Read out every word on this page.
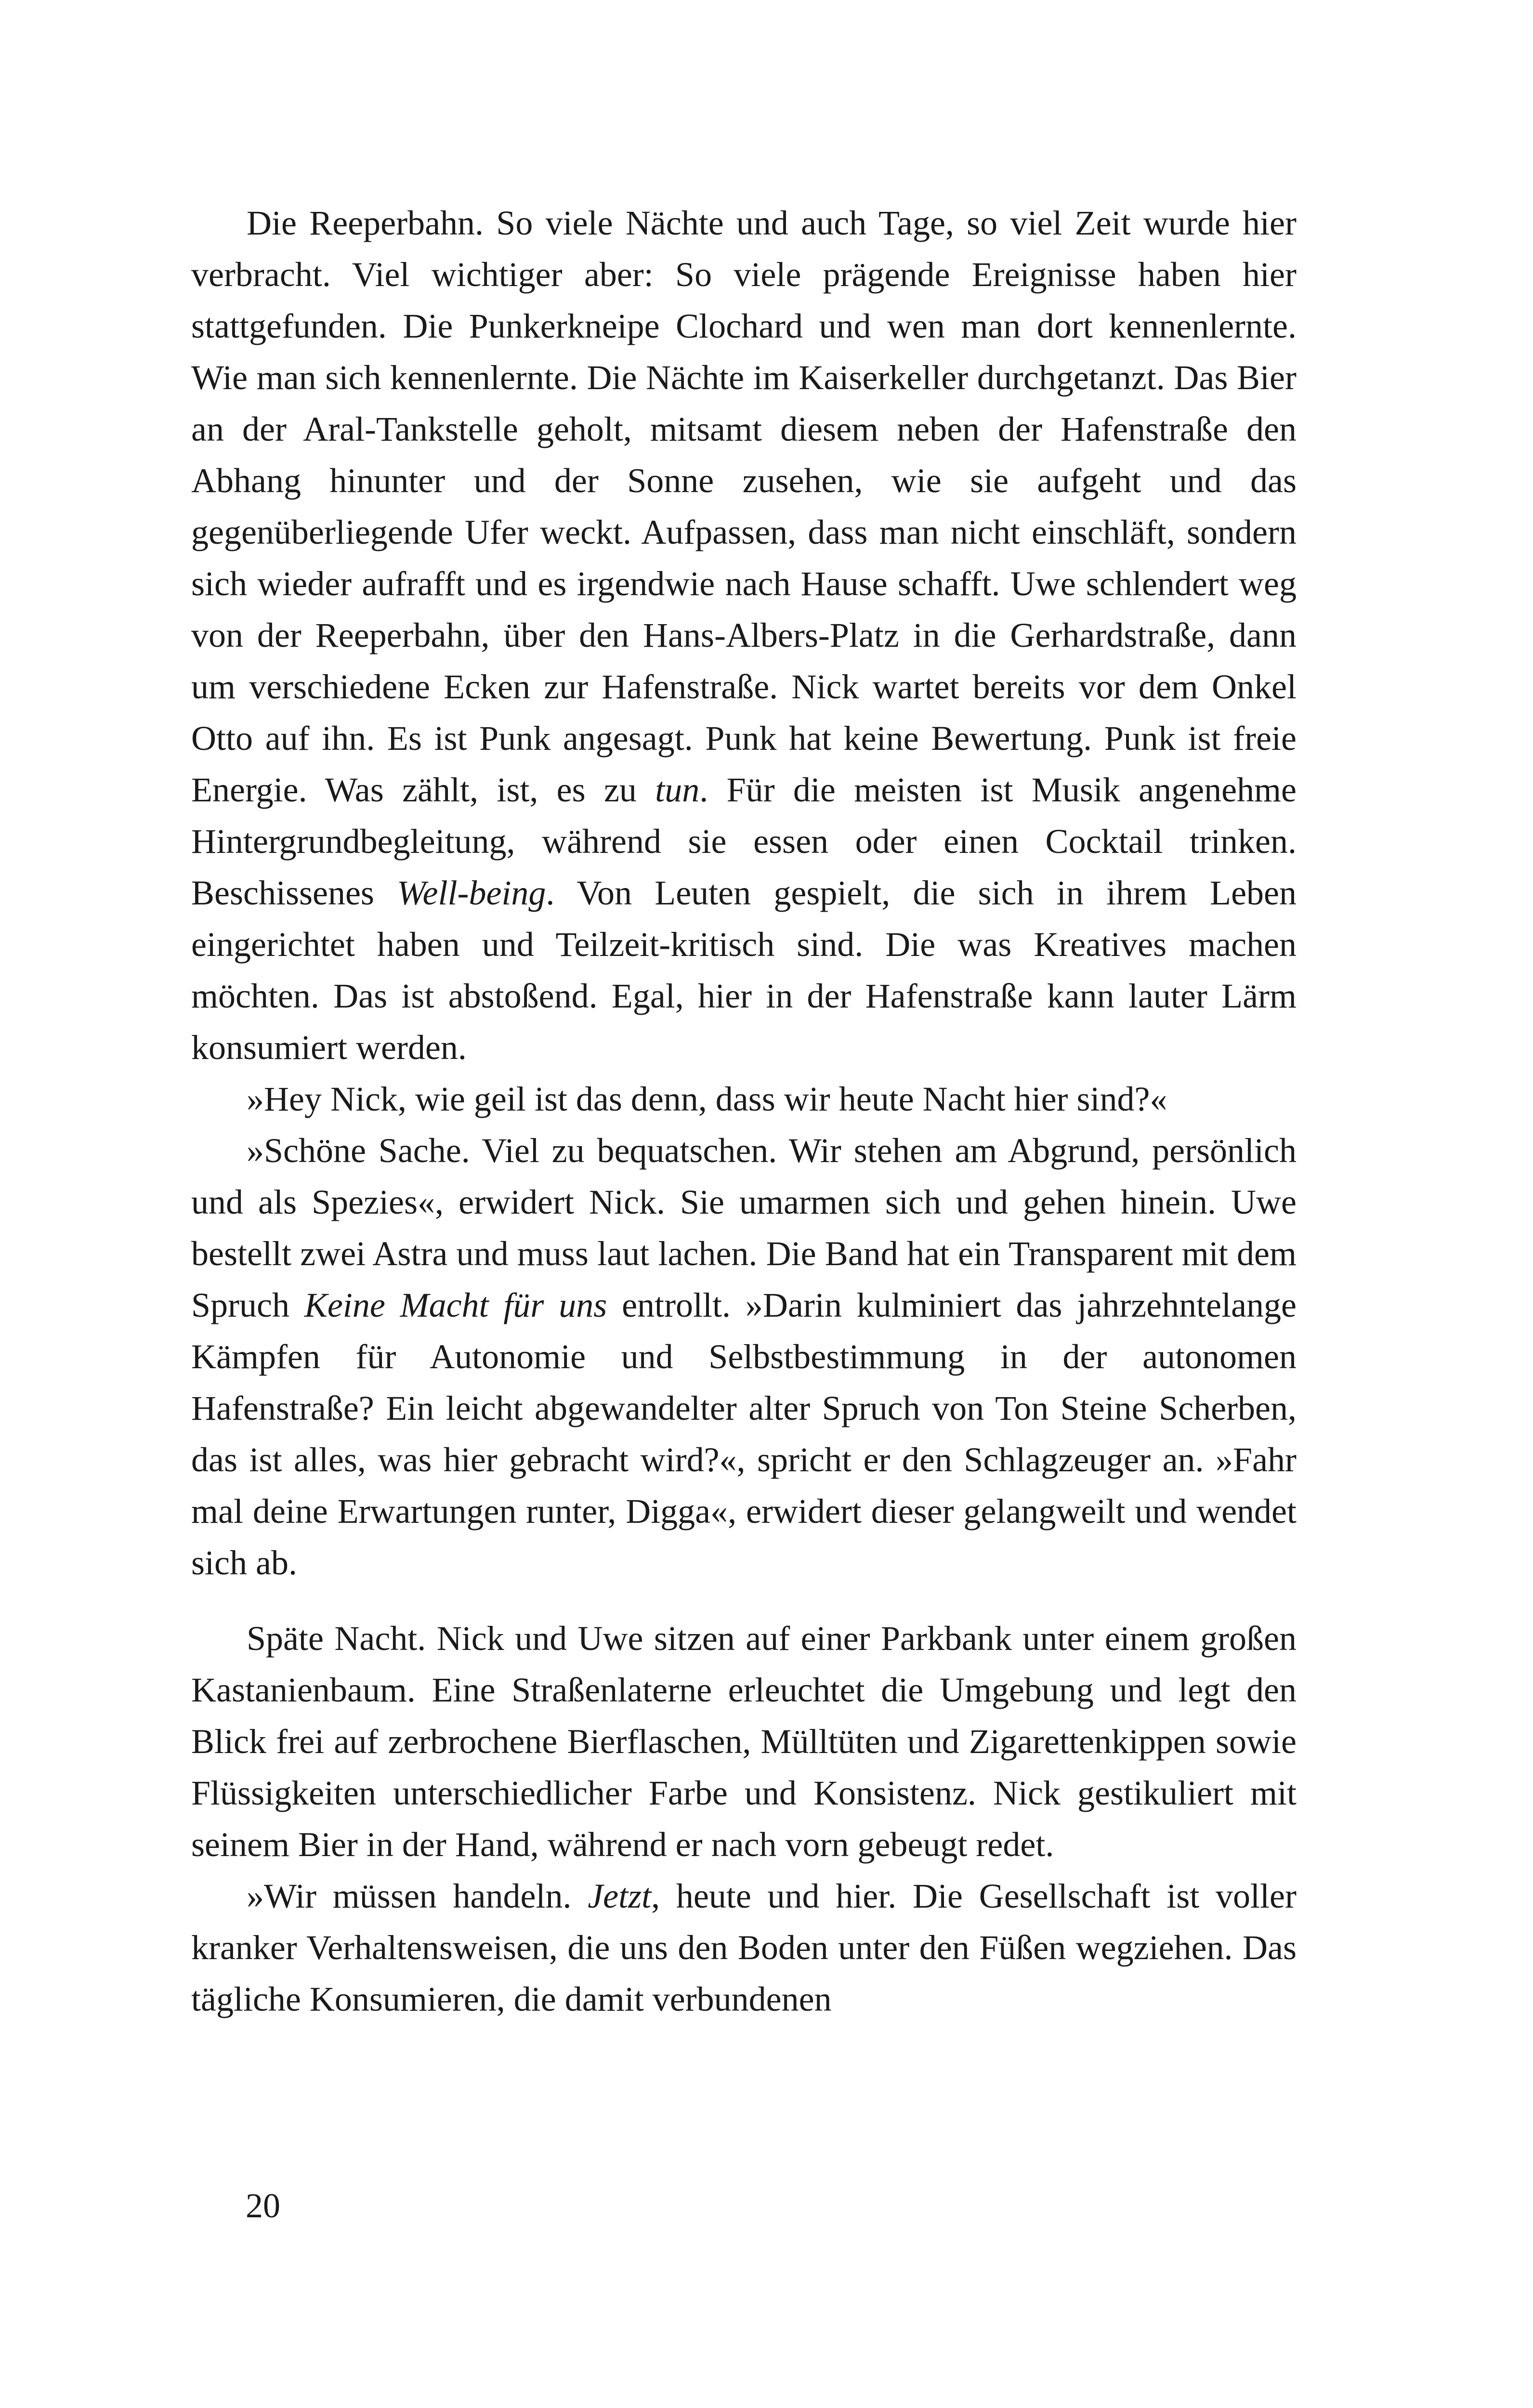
Die Reeperbahn. So viele Nächte und auch Tage, so viel Zeit wurde hier verbracht. Viel wichtiger aber: So viele prägende Ereignisse haben hier stattgefunden. Die Punkerkneipe Clochard und wen man dort kennenlernte. Wie man sich kennenlernte. Die Nächte im Kaiserkeller durchgetanzt. Das Bier an der Aral-Tankstelle geholt, mitsamt diesem neben der Hafenstraße den Abhang hinunter und der Sonne zusehen, wie sie aufgeht und das gegenüberliegende Ufer weckt. Aufpassen, dass man nicht einschläft, sondern sich wieder aufrafft und es irgendwie nach Hause schafft. Uwe schlendert weg von der Reeperbahn, über den Hans-Albers-Platz in die Gerhardstraße, dann um verschiedene Ecken zur Hafenstraße. Nick wartet bereits vor dem Onkel Otto auf ihn. Es ist Punk angesagt. Punk hat keine Bewertung. Punk ist freie Energie. Was zählt, ist, es zu tun. Für die meisten ist Musik angenehme Hintergrundbegleitung, während sie essen oder einen Cocktail trinken. Beschissenes Well-being. Von Leuten gespielt, die sich in ihrem Leben eingerichtet haben und Teilzeit-kritisch sind. Die was Kreatives machen möchten. Das ist abstoßend. Egal, hier in der Hafenstraße kann lauter Lärm konsumiert werden.

»Hey Nick, wie geil ist das denn, dass wir heute Nacht hier sind?«

»Schöne Sache. Viel zu bequatschen. Wir stehen am Abgrund, persönlich und als Spezies«, erwidert Nick. Sie umarmen sich und gehen hinein. Uwe bestellt zwei Astra und muss laut lachen. Die Band hat ein Transparent mit dem Spruch Keine Macht für uns entrollt. »Darin kulminiert das jahrzehntelange Kämpfen für Autonomie und Selbstbestimmung in der autonomen Hafenstraße? Ein leicht abgewandelter alter Spruch von Ton Steine Scherben, das ist alles, was hier gebracht wird?«, spricht er den Schlagzeuger an. »Fahr mal deine Erwartungen runter, Digga«, erwidert dieser gelangweilt und wendet sich ab.

Späte Nacht. Nick und Uwe sitzen auf einer Parkbank unter einem großen Kastanienbaum. Eine Straßenlaterne erleuchtet die Umgebung und legt den Blick frei auf zerbrochene Bierflaschen, Mülltüten und Zigarettenkippen sowie Flüssigkeiten unterschiedlicher Farbe und Konsistenz. Nick gestikuliert mit seinem Bier in der Hand, während er nach vorn gebeugt redet.

»Wir müssen handeln. Jetzt, heute und hier. Die Gesellschaft ist voller kranker Verhaltensweisen, die uns den Boden unter den Füßen wegziehen. Das tägliche Konsumieren, die damit verbundenen

20
